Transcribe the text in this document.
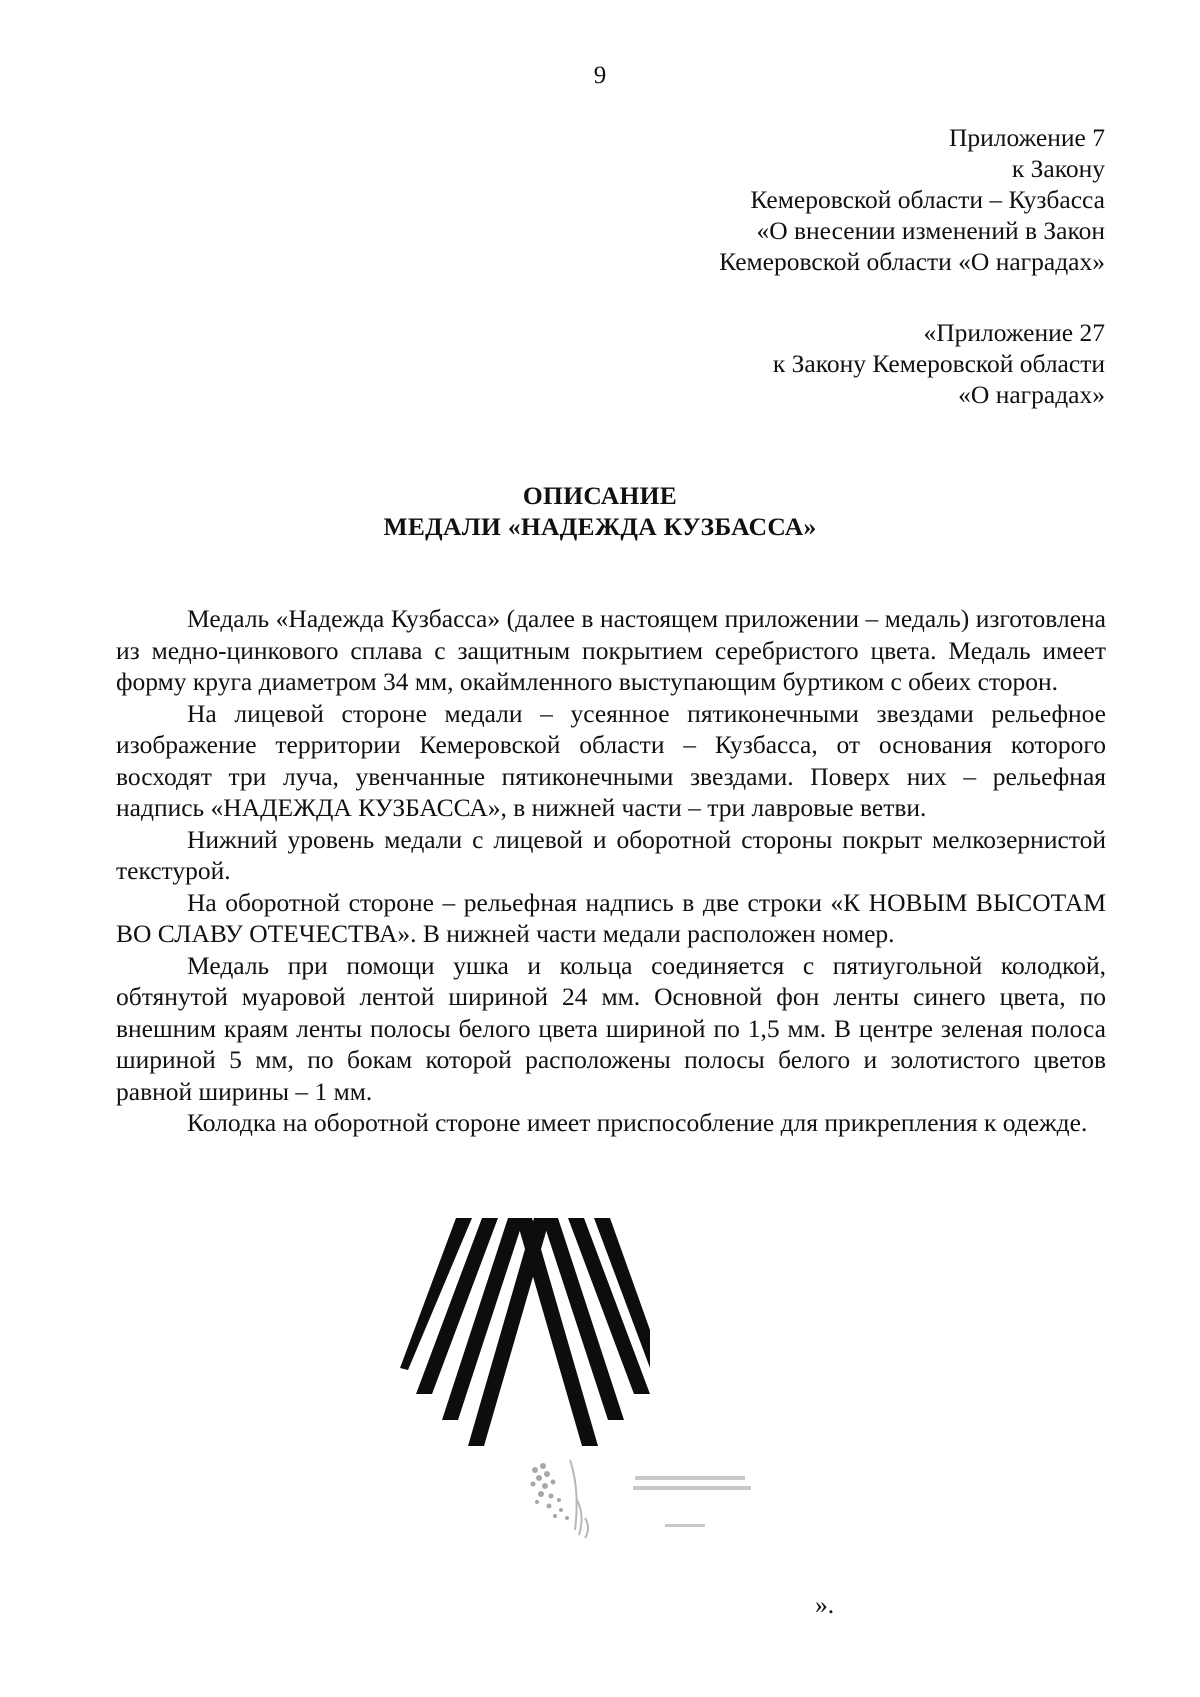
9
Приложение 7
к Закону
Кемеровской области – Кузбасса
«О внесении изменений в Закон
Кемеровской области «О наградах»
«Приложение 27
к Закону Кемеровской области
«О наградах»
ОПИСАНИЕ
МЕДАЛИ «НАДЕЖДА КУЗБАССА»

Медаль «Надежда Кузбасса» (далее в настоящем приложении – медаль) изготовлена из медно-цинкового сплава с защитным покрытием серебристого цвета. Медаль имеет форму круга диаметром 34 мм, окаймленного выступающим буртиком с обеих сторон.

На лицевой стороне медали – усеянное пятиконечными звездами рельефное изображение территории Кемеровской области – Кузбасса, от основания которого восходят три луча, увенчанные пятиконечными звездами. Поверх них – рельефная надпись «НАДЕЖДА КУЗБАССА», в нижней части – три лавровые ветви.

Нижний уровень медали с лицевой и оборотной стороны покрыт мелкозернистой текстурой.

На оборотной стороне – рельефная надпись в две строки «К НОВЫМ ВЫСОТАМ ВО СЛАВУ ОТЕЧЕСТВА». В нижней части медали расположен номер.

Медаль при помощи ушка и кольца соединяется с пятиугольной колодкой, обтянутой муаровой лентой шириной 24 мм. Основной фон ленты синего цвета, по внешним краям ленты полосы белого цвета шириной по 1,5 мм. В центре зеленая полоса шириной 5 мм, по бокам которой расположены полосы белого и золотистого цветов равной ширины – 1 мм.

Колодка на оборотной стороне имеет приспособление для прикрепления к одежде.

».
